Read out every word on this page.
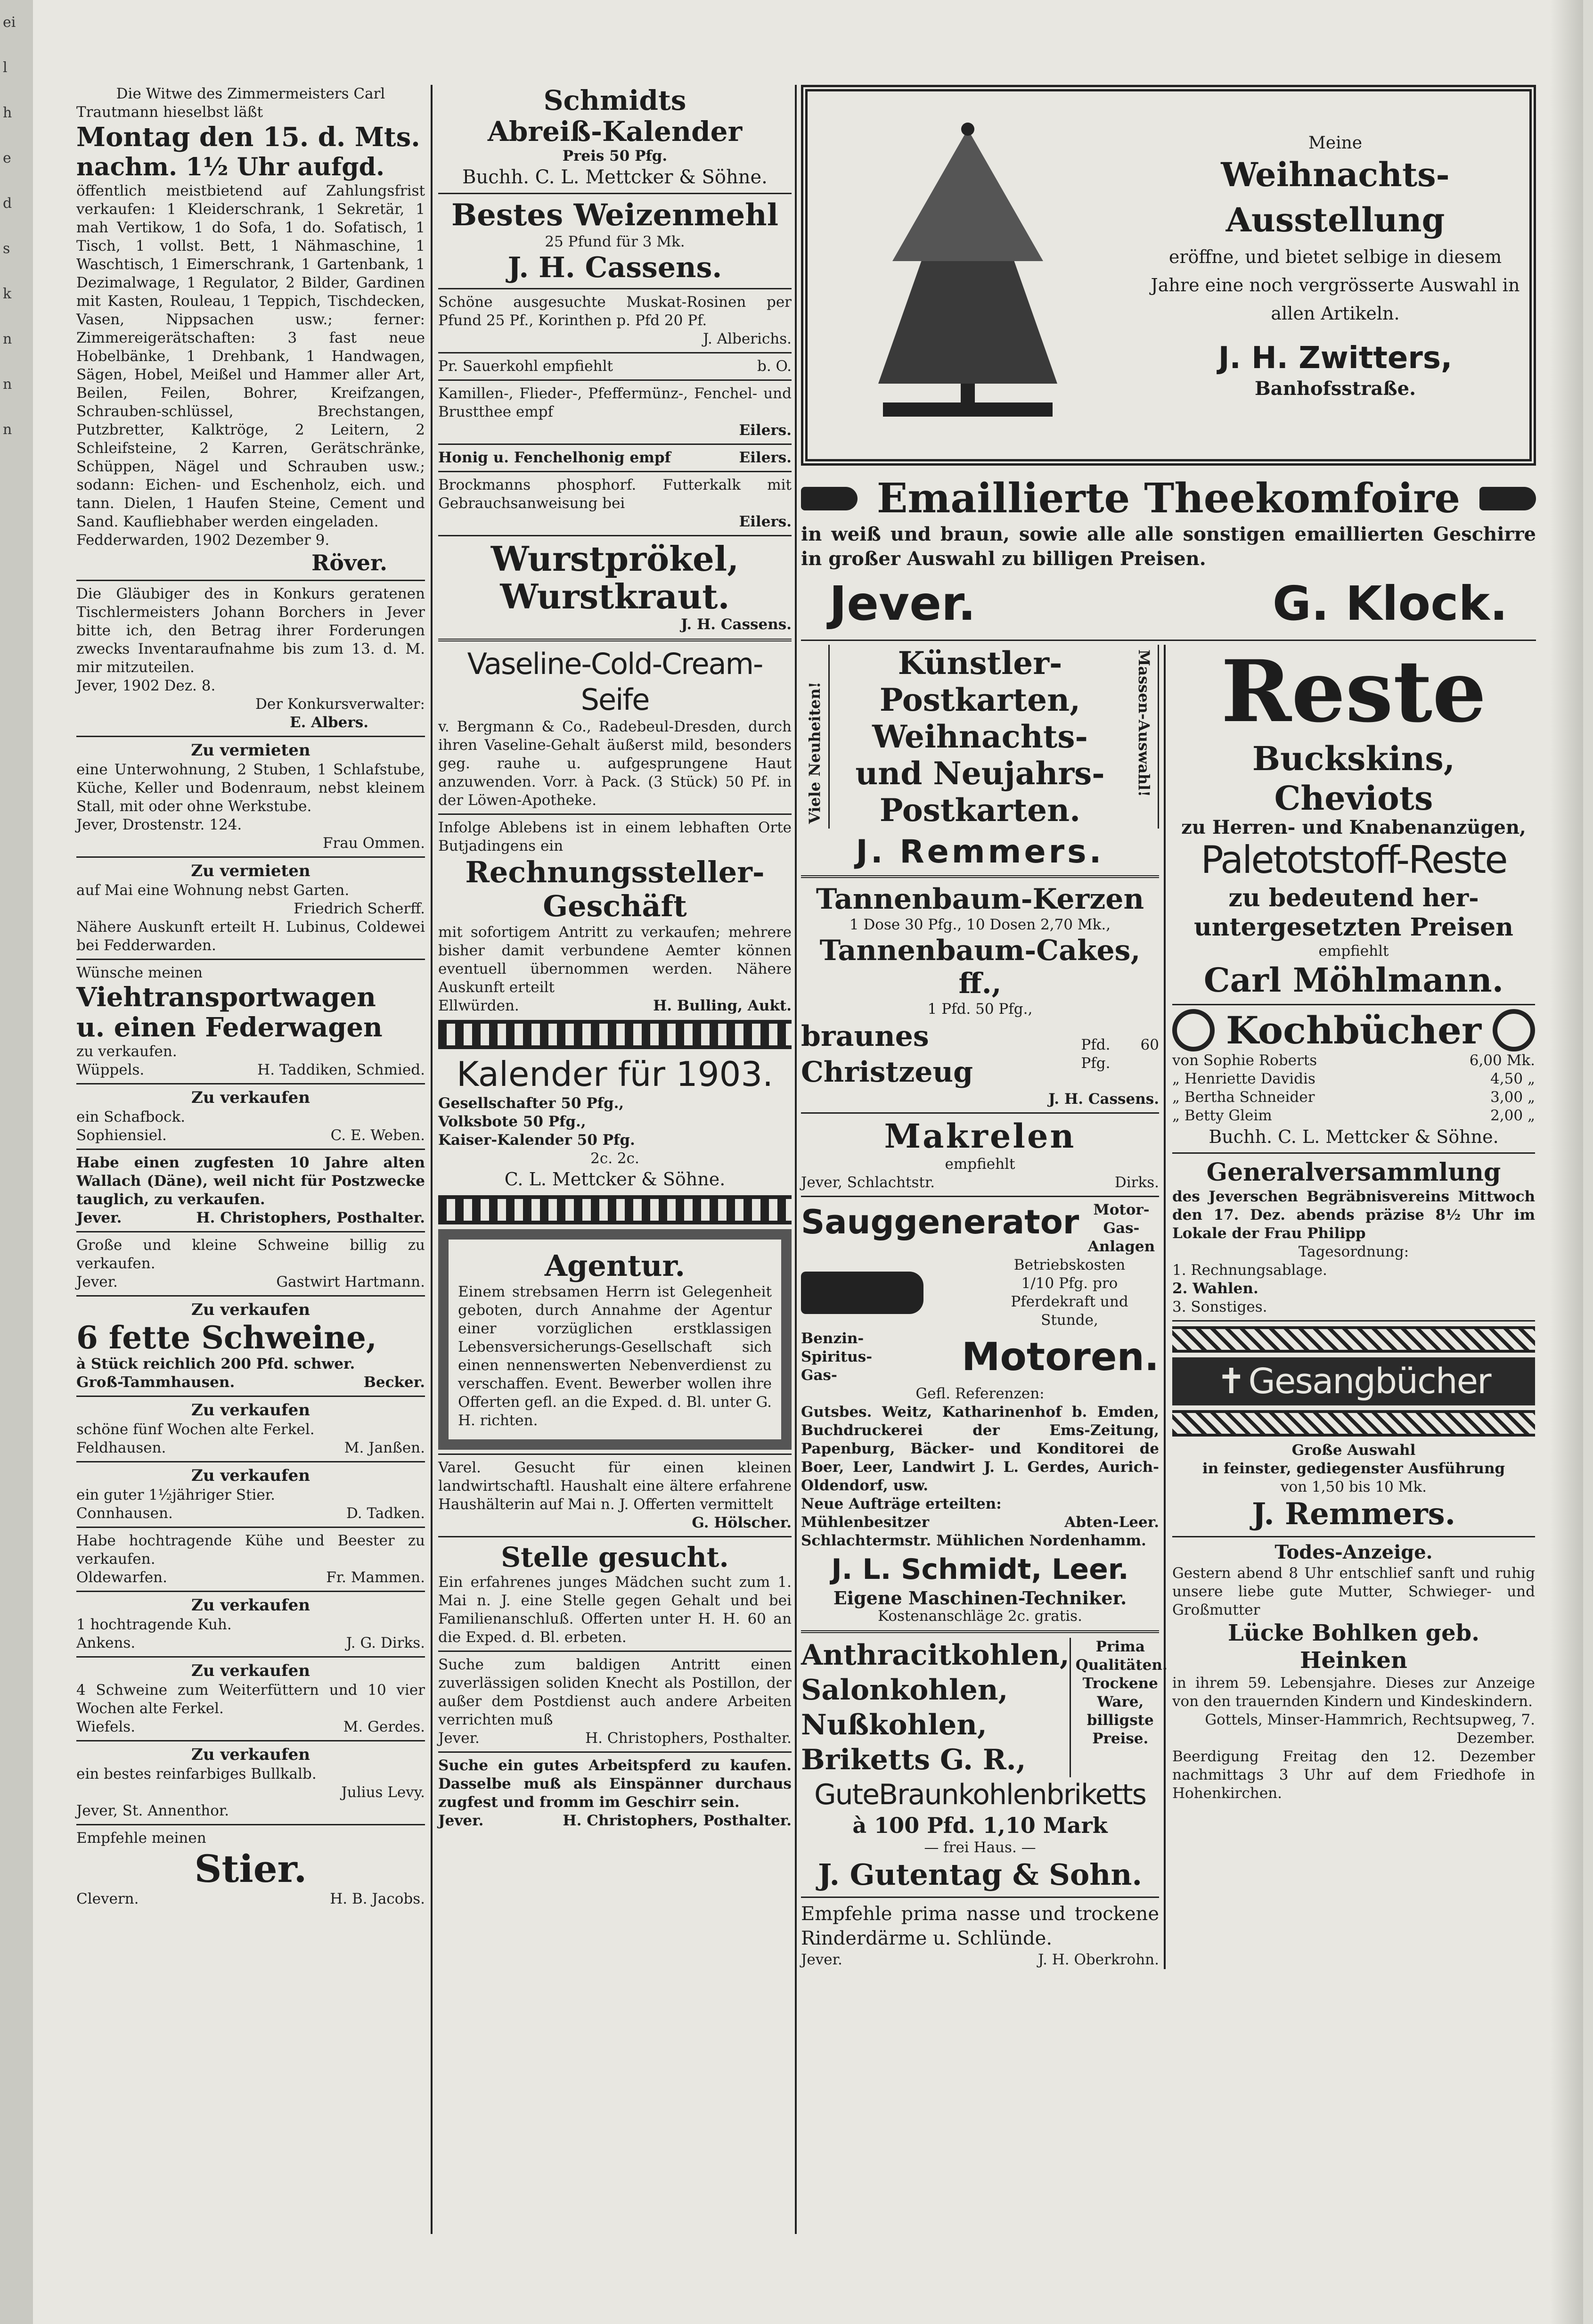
ei
l
h
e
d
s
k
n
n
n

Die Witwe des Zimmermeisters Carl

Trautmann hieselbst läßt

Montag den 15. d. Mts.

nachm. 1½ Uhr aufgd.

öffentlich meistbietend auf Zahlungsfrist verkaufen: 1 Kleiderschrank, 1 Sekretär, 1 mah Vertikow, 1 do Sofa, 1 do. Sofatisch, 1 Tisch, 1 vollst. Bett, 1 Nähmaschine, 1 Waschtisch, 1 Eimerschrank, 1 Gartenbank, 1 Dezimalwage, 1 Regulator, 2 Bilder, Gardinen mit Kasten, Rouleau, 1 Teppich, Tischdecken, Vasen, Nippsachen usw.; ferner: Zimmereigerätschaften: 3 fast neue Hobelbänke, 1 Drehbank, 1 Handwagen, Sägen, Hobel, Meißel und Hammer aller Art, Beilen, Feilen, Bohrer, Kreifzangen, Schrauben-schlüssel, Brechstangen, Putzbretter, Kalktröge, 2 Leitern, 2 Schleifsteine, 2 Karren, Gerätschränke, Schüppen, Nägel und Schrauben usw.; sodann: Eichen- und Eschenholz, eich. und tann. Dielen, 1 Haufen Steine, Cement und Sand. Kaufliebhaber werden eingeladen.

Fedderwarden, 1902 Dezember 9.

Röver.

Die Gläubiger des in Konkurs geratenen Tischlermeisters Johann Borchers in Jever bitte ich, den Betrag ihrer Forderungen zwecks Inventaraufnahme bis zum 13. d. M. mir mitzuteilen.

Jever, 1902 Dez. 8.

Der Konkursverwalter:

E. Albers.

Zu vermieten

eine Unterwohnung, 2 Stuben, 1 Schlafstube, Küche, Keller und Bodenraum, nebst kleinem Stall, mit oder ohne Werkstube.

Jever, Drostenstr. 124.

Frau Ommen.

Zu vermieten

auf Mai eine Wohnung nebst Garten.

Friedrich Scherff.

Nähere Auskunft erteilt H. Lubinus, Coldewei bei Fedderwarden.

Wünsche meinen

Viehtransportwagen

u. einen Federwagen

zu verkaufen.

Wüppels.	H. Taddiken, Schmied.

Zu verkaufen

ein Schafbock.

Sophiensiel.	C. E. Weben.

Habe einen zugfesten 10 Jahre alten Wallach (Däne), weil nicht für Postzwecke tauglich, zu verkaufen.

Jever.	H. Christophers, Posthalter.

Große und kleine Schweine billig zu verkaufen.

Jever.	Gastwirt Hartmann.

Zu verkaufen

6 fette Schweine,

à Stück reichlich 200 Pfd. schwer.

Groß-Tammhausen.	Becker.

Zu verkaufen

schöne fünf Wochen alte Ferkel.

Feldhausen.	M. Janßen.

Zu verkaufen

ein guter 1½jähriger Stier.

Connhausen.	D. Tadken.

Habe hochtragende Kühe und Beester zu verkaufen.

Oldewarfen.	Fr. Mammen.

Zu verkaufen

1 hochtragende Kuh.

Ankens.	J. G. Dirks.

Zu verkaufen

4 Schweine zum Weiterfüttern und 10 vier Wochen alte Ferkel.

Wiefels.	M. Gerdes.

Zu verkaufen

ein bestes reinfarbiges Bullkalb.

Julius Levy.

Jever, St. Annenthor.

Empfehle meinen

Stier.

Clevern.	H. B. Jacobs.

Schmidts

Abreiß-Kalender

Preis 50 Pfg.

Buchh. C. L. Mettcker & Söhne.

Bestes Weizenmehl

25 Pfund für 3 Mk.

J. H. Cassens.

Schöne ausgesuchte Muskat-Rosinen per Pfund 25 Pf., Korinthen p. Pfd 20 Pf.

J. Alberichs.

Pr. Sauerkohl empfiehlt	b. O.

Kamillen-, Flieder-, Pfeffermünz-, Fenchel- und Brustthee empf

Eilers.

Honig u. Fenchelhonig empf	Eilers.

Brockmanns phosphorf. Futterkalk mit Gebrauchsanweisung bei

Eilers.

Wurstprökel,

Wurstkraut.

J. H. Cassens.

Vaseline-Cold-Cream-Seife

v. Bergmann & Co., Radebeul-Dresden, durch ihren Vaseline-Gehalt äußerst mild, besonders geg. rauhe u. aufgesprungene Haut anzuwenden. Vorr. à Pack. (3 Stück) 50 Pf. in der Löwen-Apotheke.

Infolge Ablebens ist in einem lebhaften Orte Butjadingens ein

Rechnungssteller-

Geschäft

mit sofortigem Antritt zu verkaufen; mehrere bisher damit verbundene Aemter können eventuell übernommen werden. Nähere Auskunft erteilt

Ellwürden.	H. Bulling, Aukt.

Kalender für 1903.

Gesellschafter 50 Pfg.,

Volksbote 50 Pfg.,

Kaiser-Kalender 50 Pfg.

2c. 2c.

C. L. Mettcker & Söhne.

Agentur.

Einem strebsamen Herrn ist Gelegenheit geboten, durch Annahme der Agentur einer vorzüglichen erstklassigen Lebensversicherungs-Gesellschaft sich einen nennenswerten Nebenverdienst zu verschaffen. Event. Bewerber wollen ihre Offerten gefl. an die Exped. d. Bl. unter G. H. richten.

Varel. Gesucht für einen kleinen landwirtschaftl. Haushalt eine ältere erfahrene Haushälterin auf Mai n. J. Offerten vermittelt

G. Hölscher.

Stelle gesucht.

Ein erfahrenes junges Mädchen sucht zum 1. Mai n. J. eine Stelle gegen Gehalt und bei Familienanschluß. Offerten unter H. H. 60 an die Exped. d. Bl. erbeten.

Suche zum baldigen Antritt einen zuverlässigen soliden Knecht als Postillon, der außer dem Postdienst auch andere Arbeiten verrichten muß

Jever.	H. Christophers, Posthalter.

Suche ein gutes Arbeitspferd zu kaufen. Dasselbe muß als Einspänner durchaus zugfest und fromm im Geschirr sein.

Jever.	H. Christophers, Posthalter.

Meine

Weihnachts-Ausstellung

eröffne, und bietet selbige in diesem Jahre eine noch vergrösserte Auswahl in allen Artikeln.

J. H. Zwitters,

Banhofsstraße.

Emaillierte Theekomfoire

in weiß und braun, sowie alle alle sonstigen emaillierten Geschirre in großer Auswahl zu billigen Preisen.

Jever.	G. Klock.
Viele Neuheiten!

Künstler-

Postkarten,

Weihnachts-

und Neujahrs-

Postkarten.

Massen-Auswahl!

J. Remmers.

Tannenbaum-Kerzen

1 Dose 30 Pfg., 10 Dosen 2,70 Mk.,

Tannenbaum-Cakes, ff.,

1 Pfd. 50 Pfg.,

braunes Christzeug
Pfd. 60 Pfg.

J. H. Cassens.

Makrelen

empfiehlt

Jever, Schlachtstr.	Dirks.
Sauggenerator Motor-Gas-Anlagen

Betriebskosten

1/10 Pfg. pro Pferdekraft und Stunde,

Benzin- Spiritus- Gas-	Motoren.

Gefl. Referenzen:

Gutsbes. Weitz, Katharinenhof b. Emden, Buchdruckerei der Ems-Zeitung, Papenburg, Bäcker- und Konditorei de Boer, Leer, Landwirt J. L. Gerdes, Aurich-Oldendorf, usw.

Neue Aufträge erteilten:

Mühlenbesitzer Abten-Leer. Schlachtermstr. Mühlichen Nordenhamm.

J. L. Schmidt, Leer.

Eigene Maschinen-Techniker.

Kostenanschläge 2c. gratis.

Anthracitkohlen,

Salonkohlen,

Nußkohlen,

Briketts G. R.,

Prima Qualitäten.

Trockene Ware, billigste Preise.

GuteBraunkohlenbriketts

à 100 Pfd. 1,10 Mark

— frei Haus. —

J. Gutentag & Sohn.

Empfehle prima nasse und trockene Rinderdärme u. Schlünde.

Jever.	J. H. Oberkrohn.

Reste

Buckskins, Cheviots

zu Herren- und Knabenanzügen,

Paletotstoff-Reste

zu bedeutend her-

untergesetzten Preisen

empfiehlt

Carl Möhlmann.

Kochbücher
von Sophie Roberts	6,00 Mk.
„ Henriette Davidis	4,50 „
„ Bertha Schneider	3,00 „
„ Betty Gleim	2,00 „

Buchh. C. L. Mettcker & Söhne.

Generalversammlung

des Jeverschen Begräbnisvereins Mittwoch den 17. Dez. abends präzise 8½ Uhr im Lokale der Frau Philipp

Tagesordnung:

1. Rechnungsablage.

2. Wahlen.

3. Sonstiges.

✝ Gesangbücher

Große Auswahl

in feinster, gediegenster Ausführung

von 1,50 bis 10 Mk.

J. Remmers.

Todes-Anzeige.

Gestern abend 8 Uhr entschlief sanft und ruhig unsere liebe gute Mutter, Schwieger- und Großmutter

Lücke Bohlken geb. Heinken

in ihrem 59. Lebensjahre. Dieses zur Anzeige von den trauernden Kindern und Kindeskindern.

Gottels, Minser-Hammrich, Rechtsupweg, 7. Dezember.

Beerdigung Freitag den 12. Dezember nachmittags 3 Uhr auf dem Friedhofe in Hohenkirchen.
